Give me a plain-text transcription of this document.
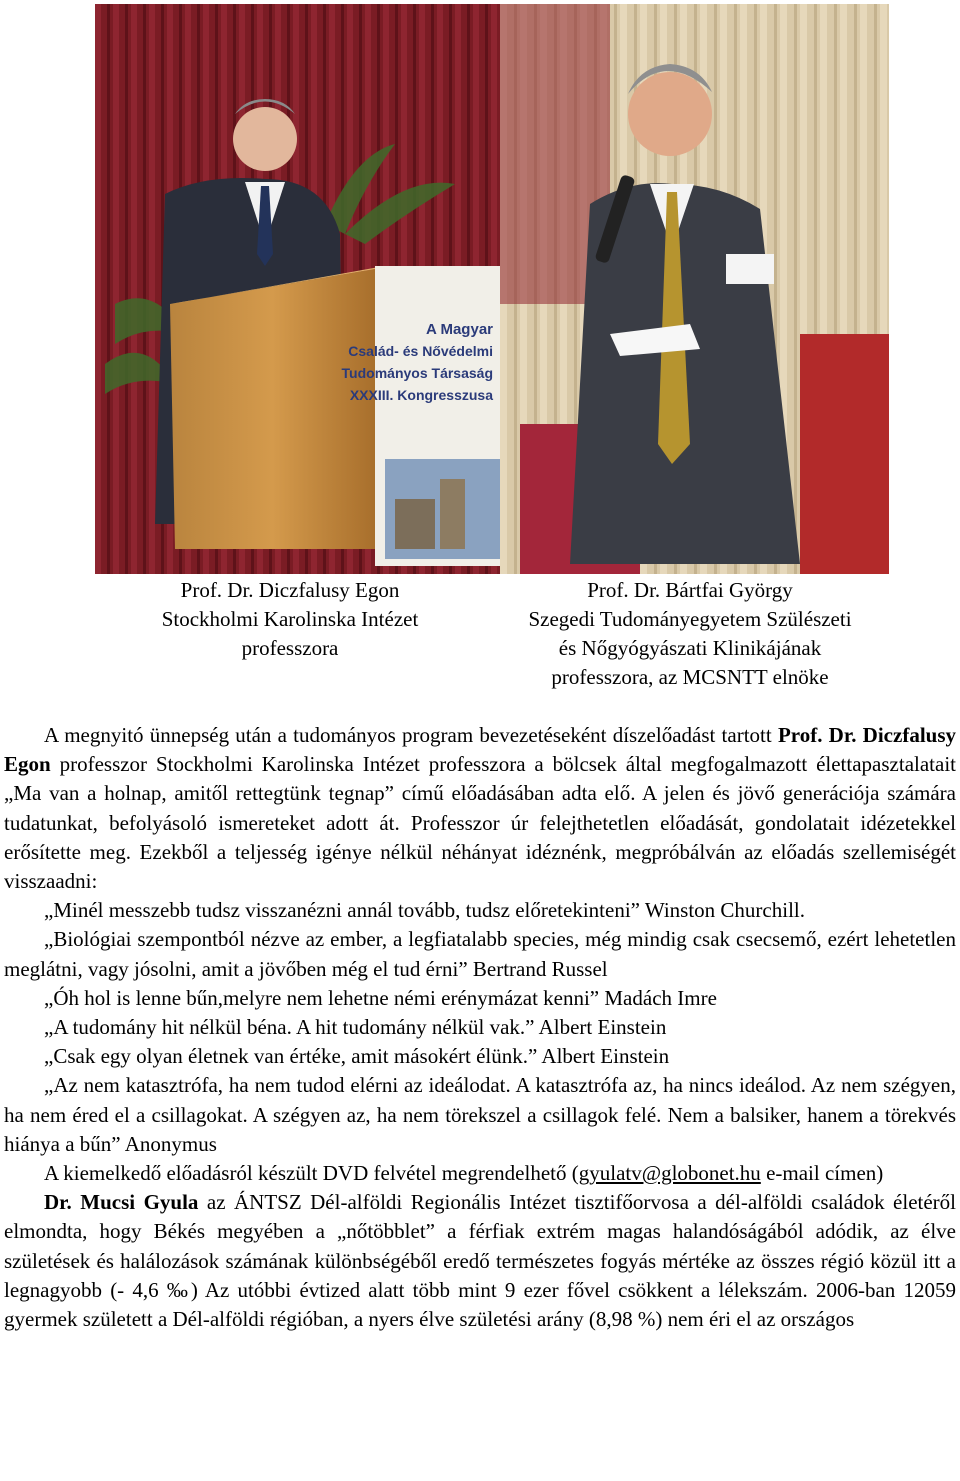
A Magyar
Család- és Nővédelmi
Tudományos Társaság
XXXIII. Kongresszusa
Prof. Dr. Diczfalusy Egon
Stockholmi Karolinska Intézet
professzora
Prof. Dr. Bártfai György
Szegedi Tudományegyetem Szülészeti
és Nőgyógyászati Klinikájának
professzora, az MCSNTT elnöke

A megnyitó ünnepség után a tudományos program bevezetéseként díszelőadást tartott Prof. Dr. Diczfalusy Egon professzor Stockholmi Karolinska Intézet professzora a bölcsek által megfogalmazott élettapasztalatait „Ma van a holnap, amitől rettegtünk tegnap” című előadásában adta elő. A jelen és jövő generációja számára tudatunkat, befolyásoló ismereteket adott át. Professzor úr felejthetetlen előadását, gondolatait idézetekkel erősítette meg. Ezekből a teljesség igénye nélkül néhányat idéznénk, megpróbálván az előadás szellemiségét visszaadni:

„Minél messzebb tudsz visszanézni annál tovább, tudsz előretekinteni” Winston Churchill.

„Biológiai szempontból nézve az ember, a legfiatalabb species, még mindig csak csecsemő, ezért lehetetlen meglátni, vagy jósolni, amit a jövőben még el tud érni” Bertrand Russel

„Óh hol is lenne bűn,melyre nem lehetne némi erénymázat kenni” Madách Imre

„A tudomány hit nélkül béna. A hit tudomány nélkül vak.” Albert Einstein

„Csak egy olyan életnek van értéke, amit másokért élünk.” Albert Einstein

„Az nem katasztrófa, ha nem tudod elérni az ideálodat. A katasztrófa az, ha nincs ideálod. Az nem szégyen, ha nem éred el a csillagokat. A szégyen az, ha nem törekszel a csillagok felé. Nem a balsiker, hanem a törekvés hiánya a bűn” Anonymus

A kiemelkedő előadásról készült DVD felvétel megrendelhető (gyulatv@globonet.hu e-mail címen)

Dr. Mucsi Gyula az ÁNTSZ Dél-alföldi Regionális Intézet tisztifőorvosa a dél-alföldi családok életéről elmondta, hogy Békés megyében a „nőtöbblet” a férfiak extrém magas halandóságából adódik, az élve születések és halálozások számának különbségéből eredő természetes fogyás mértéke az összes régió közül itt a legnagyobb (- 4,6 ‰) Az utóbbi évtized alatt több mint 9 ezer fővel csökkent a lélekszám. 2006-ban 12059 gyermek született a Dél-alföldi régióban, a nyers élve születési arány (8,98 %) nem éri el az országos
